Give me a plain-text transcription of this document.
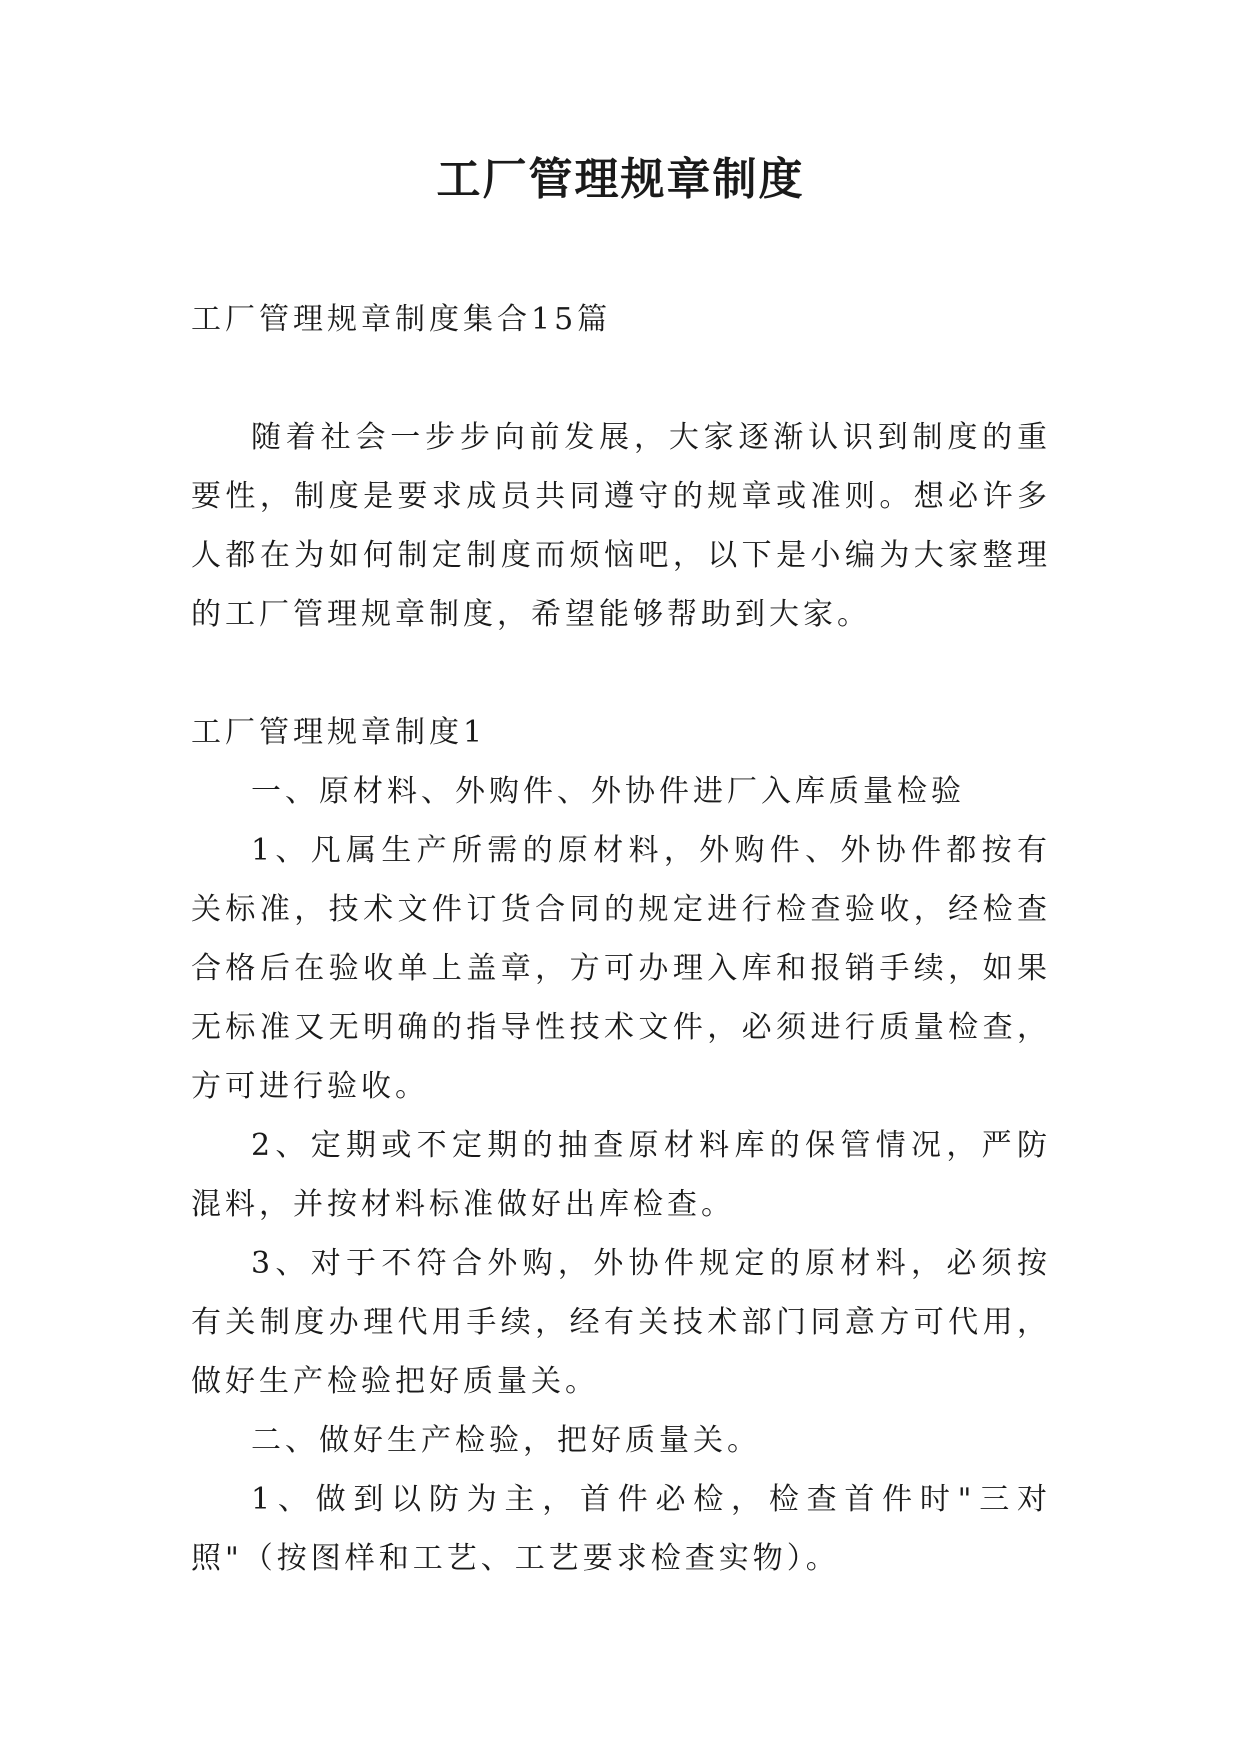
工厂管理规章制度

工厂管理规章制度集合15篇

随着社会一步步向前发展，大家逐渐认识到制度的重要性，制度是要求成员共同遵守的规章或准则。想必许多人都在为如何制定制度而烦恼吧，以下是小编为大家整理的工厂管理规章制度，希望能够帮助到大家。

工厂管理规章制度1

一、原材料、外购件、外协件进厂入库质量检验

1、凡属生产所需的原材料，外购件、外协件都按有关标准，技术文件订货合同的规定进行检查验收，经检查合格后在验收单上盖章，方可办理入库和报销手续，如果无标准又无明确的指导性技术文件，必须进行质量检查，方可进行验收。

2、定期或不定期的抽查原材料库的保管情况，严防混料，并按材料标准做好出库检查。

3、对于不符合外购，外协件规定的原材料，必须按有关制度办理代用手续，经有关技术部门同意方可代用，做好生产检验把好质量关。

二、做好生产检验，把好质量关。

1、做到以防为主，首件必检，检查首件时"三对照"（按图样和工艺、工艺要求检查实物）。
